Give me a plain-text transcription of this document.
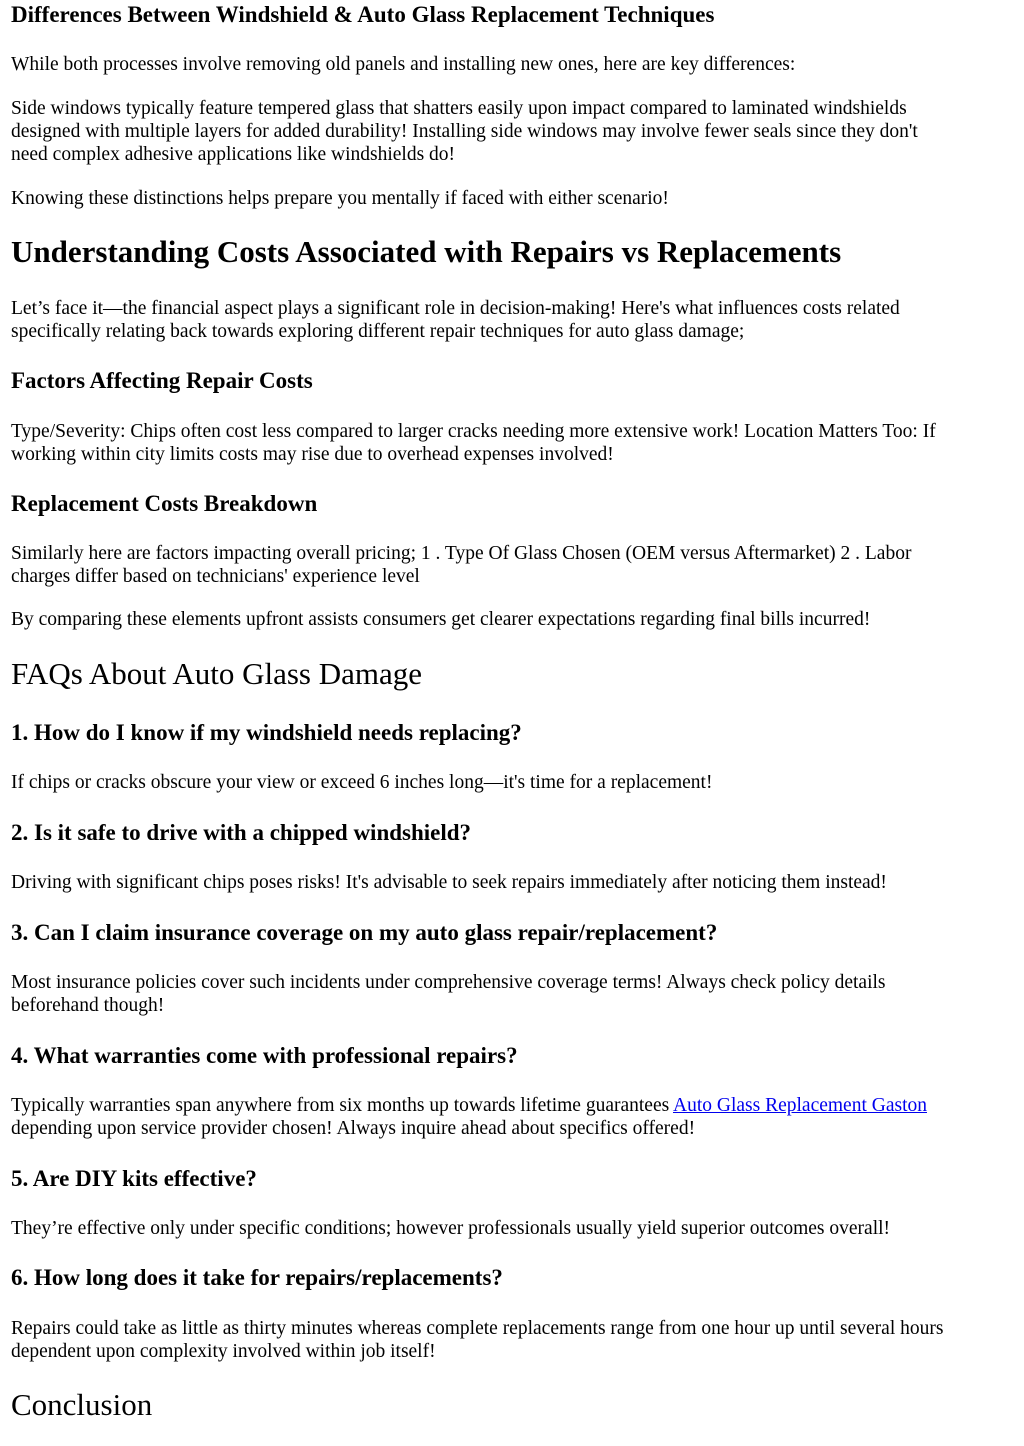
Differences Between Windshield & Auto Glass Replacement Techniques

While both processes involve removing old panels and installing new ones, here are key differences:

Side windows typically feature tempered glass that shatters easily upon impact compared to laminated windshields
designed with multiple layers for added durability! Installing side windows may involve fewer seals since they don't
need complex adhesive applications like windshields do!

Knowing these distinctions helps prepare you mentally if faced with either scenario!

Understanding Costs Associated with Repairs vs Replacements

Let’s face it—the financial aspect plays a significant role in decision-making! Here's what influences costs related
specifically relating back towards exploring different repair techniques for auto glass damage;

Factors Affecting Repair Costs

Type/Severity: Chips often cost less compared to larger cracks needing more extensive work! Location Matters Too: If
working within city limits costs may rise due to overhead expenses involved!

Replacement Costs Breakdown

Similarly here are factors impacting overall pricing; 1 . Type Of Glass Chosen (OEM versus Aftermarket) 2 . Labor
charges differ based on technicians' experience level

By comparing these elements upfront assists consumers get clearer expectations regarding final bills incurred!

FAQs About Auto Glass Damage
1. How do I know if my windshield needs replacing?

If chips or cracks obscure your view or exceed 6 inches long—it's time for a replacement!

2. Is it safe to drive with a chipped windshield?

Driving with significant chips poses risks! It's advisable to seek repairs immediately after noticing them instead!

3. Can I claim insurance coverage on my auto glass repair/replacement?

Most insurance policies cover such incidents under comprehensive coverage terms! Always check policy details
beforehand though!

4. What warranties come with professional repairs?

Typically warranties span anywhere from six months up towards lifetime guarantees Auto Glass Replacement Gaston
depending upon service provider chosen! Always inquire ahead about specifics offered!

5. Are DIY kits effective?

They’re effective only under specific conditions; however professionals usually yield superior outcomes overall!

6. How long does it take for repairs/replacements?

Repairs could take as little as thirty minutes whereas complete replacements range from one hour up until several hours
dependent upon complexity involved within job itself!

Conclusion
